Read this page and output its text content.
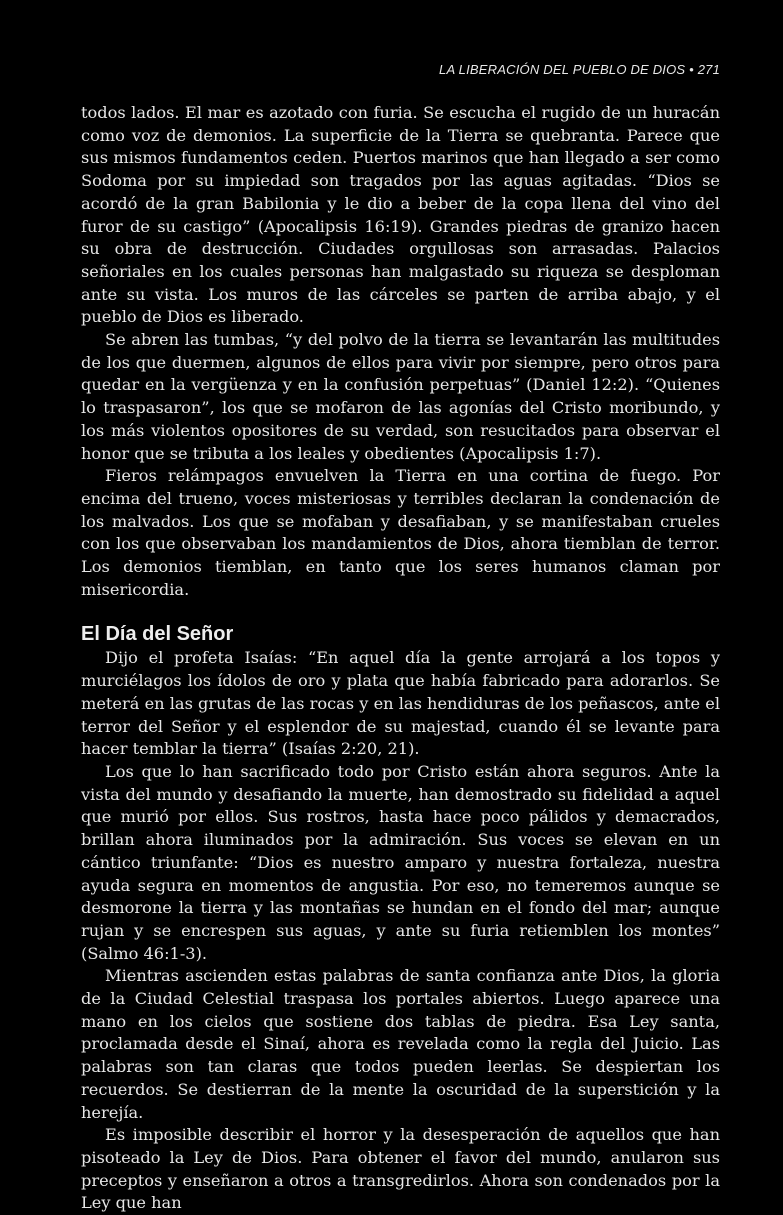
LA LIBERACIÓN DEL PUEBLO DE DIOS • 271

todos lados. El mar es azotado con furia. Se escucha el rugido de un huracán como voz de demonios. La superficie de la Tierra se quebranta. Parece que sus mismos fundamentos ceden. Puertos marinos que han llegado a ser como Sodoma por su impiedad son tragados por las aguas agitadas. “Dios se acordó de la gran Babilonia y le dio a beber de la copa llena del vino del furor de su castigo” (Apocalipsis 16:19). Grandes piedras de granizo hacen su obra de destrucción. Ciudades orgullosas son arrasadas. Palacios señoriales en los cuales personas han malgastado su riqueza se desploman ante su vista. Los muros de las cárceles se parten de arriba abajo, y el pueblo de Dios es liberado.

Se abren las tumbas, “y del polvo de la tierra se levantarán las multitudes de los que duermen, algunos de ellos para vivir por siempre, pero otros para quedar en la vergüenza y en la confusión perpetuas” (Daniel 12:2). “Quienes lo traspasaron”, los que se mofaron de las agonías del Cristo moribundo, y los más violentos opositores de su verdad, son resucitados para observar el honor que se tributa a los leales y obedientes (Apocalipsis 1:7).

Fieros relámpagos envuelven la Tierra en una cortina de fuego. Por encima del trueno, voces misteriosas y terribles declaran la condenación de los malvados. Los que se mofaban y desafiaban, y se manifestaban crueles con los que observaban los mandamientos de Dios, ahora tiemblan de terror. Los demonios tiemblan, en tanto que los seres humanos claman por misericordia.

El Día del Señor

Dijo el profeta Isaías: “En aquel día la gente arrojará a los topos y murciélagos los ídolos de oro y plata que había fabricado para adorarlos. Se meterá en las grutas de las rocas y en las hendiduras de los peñascos, ante el terror del Señor y el esplendor de su majestad, cuando él se levante para hacer temblar la tierra” (Isaías 2:20, 21).

Los que lo han sacrificado todo por Cristo están ahora seguros. Ante la vista del mundo y desafiando la muerte, han demostrado su fidelidad a aquel que murió por ellos. Sus rostros, hasta hace poco pálidos y demacrados, brillan ahora iluminados por la admiración. Sus voces se elevan en un cántico triunfante: “Dios es nuestro amparo y nuestra fortaleza, nuestra ayuda segura en momentos de angustia. Por eso, no temeremos aunque se desmorone la tierra y las montañas se hundan en el fondo del mar; aunque rujan y se encrespen sus aguas, y ante su furia retiemblen los montes” (Salmo 46:1-3).

Mientras ascienden estas palabras de santa confianza ante Dios, la gloria de la Ciudad Celestial traspasa los portales abiertos. Luego aparece una mano en los cielos que sostiene dos tablas de piedra. Esa Ley santa, proclamada desde el Sinaí, ahora es revelada como la regla del Juicio. Las palabras son tan claras que todos pueden leerlas. Se despiertan los recuerdos. Se destierran de la mente la oscuridad de la superstición y la herejía.

Es imposible describir el horror y la desesperación de aquellos que han pisoteado la Ley de Dios. Para obtener el favor del mundo, anularon sus preceptos y enseñaron a otros a transgredirlos. Ahora son condenados por la Ley que han
